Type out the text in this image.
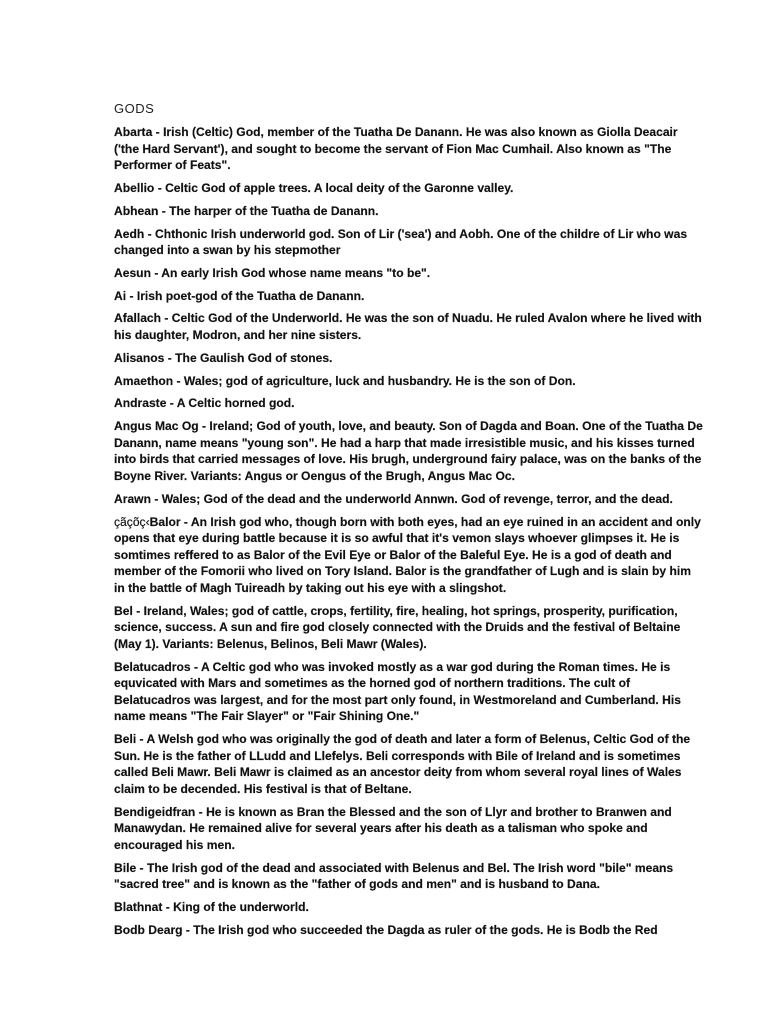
GODS

Abarta - Irish (Celtic) God, member of the Tuatha De Danann. He was also known as Giolla Deacair ('the Hard Servant'), and sought to become the servant of Fion Mac Cumhail. Also known as "The Performer of Feats".

Abellio - Celtic God of apple trees. A local deity of the Garonne valley.

Abhean - The harper of the Tuatha de Danann.

Aedh - Chthonic Irish underworld god. Son of Lir ('sea') and Aobh. One of the childre of Lir who was changed into a swan by his stepmother

Aesun - An early Irish God whose name means "to be".

Ai - Irish poet-god of the Tuatha de Danann.

Afallach - Celtic God of the Underworld. He was the son of Nuadu. He ruled Avalon where he lived with his daughter, Modron, and her nine sisters.

Alisanos - The Gaulish God of stones.

Amaethon - Wales; god of agriculture, luck and husbandry. He is the son of Don.

Andraste - A Celtic horned god.

Angus Mac Og - Ireland; God of youth, love, and beauty. Son of Dagda and Boan. One of the Tuatha De Danann, name means "young son". He had a harp that made irresistible music, and his kisses turned into birds that carried messages of love. His brugh, underground fairy palace, was on the banks of the Boyne River. Variants: Angus or Oengus of the Brugh, Angus Mac Oc.

Arawn - Wales; God of the dead and the underworld Annwn. God of revenge, terror, and the dead.

çãçõç‹Balor - An Irish god who, though born with both eyes, had an eye ruined in an accident and only opens that eye during battle because it is so awful that it's vemon slays whoever glimpses it. He is somtimes reffered to as Balor of the Evil Eye or Balor of the Baleful Eye. He is a god of death and member of the Fomorii who lived on Tory Island. Balor is the grandfather of Lugh and is slain by him in the battle of Magh Tuireadh by taking out his eye with a slingshot.

Bel - Ireland, Wales; god of cattle, crops, fertility, fire, healing, hot springs, prosperity, purification, science, success. A sun and fire god closely connected with the Druids and the festival of Beltaine (May 1). Variants: Belenus, Belinos, Beli Mawr (Wales).

Belatucadros - A Celtic god who was invoked mostly as a war god during the Roman times. He is equvicated with Mars and sometimes as the horned god of northern traditions. The cult of Belatucadros was largest, and for the most part only found, in Westmoreland and Cumberland. His name means "The Fair Slayer" or "Fair Shining One."

Beli - A Welsh god who was originally the god of death and later a form of Belenus, Celtic God of the Sun. He is the father of LLudd and Llefelys. Beli corresponds with Bile of Ireland and is sometimes called Beli Mawr. Beli Mawr is claimed as an ancestor deity from whom several royal lines of Wales claim to be decended. His festival is that of Beltane.

Bendigeidfran - He is known as Bran the Blessed and the son of Llyr and brother to Branwen and Manawydan. He remained alive for several years after his death as a talisman who spoke and encouraged his men.

Bile - The Irish god of the dead and associated with Belenus and Bel. The Irish word "bile" means "sacred tree" and is known as the "father of gods and men" and is husband to Dana.

Blathnat - King of the underworld.

Bodb Dearg - The Irish god who succeeded the Dagda as ruler of the gods. He is Bodb the Red
